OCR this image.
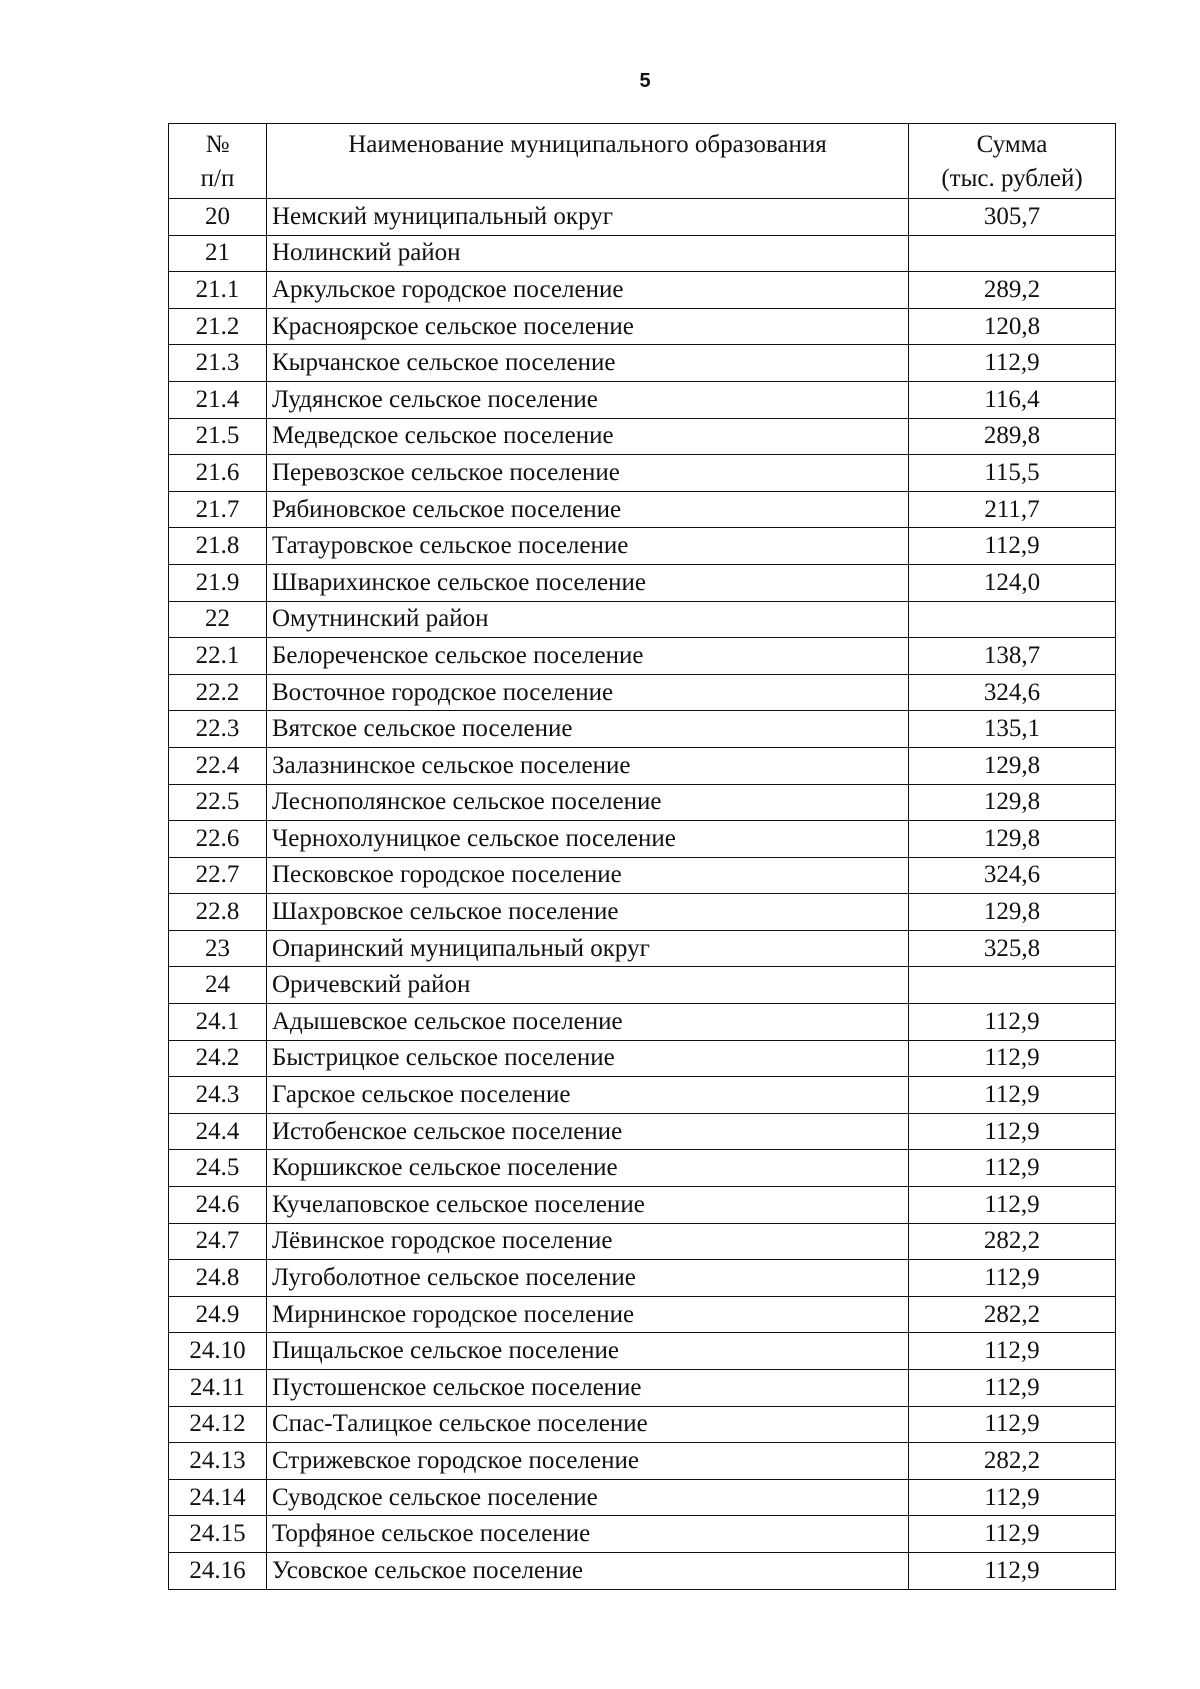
5
№
п/п	Наименование муниципального образования	Сумма
(тыс. рублей)

20	Немский муниципальный округ	305,7
21	Нолинский район	
21.1	Аркульское городское поселение	289,2
21.2	Красноярское сельское поселение	120,8
21.3	Кырчанское сельское поселение	112,9
21.4	Лудянское сельское поселение	116,4
21.5	Медведское сельское поселение	289,8
21.6	Перевозское сельское поселение	115,5
21.7	Рябиновское сельское поселение	211,7
21.8	Татауровское сельское поселение	112,9
21.9	Шварихинское сельское поселение	124,0
22	Омутнинский район	
22.1	Белореченское сельское поселение	138,7
22.2	Восточное городское поселение	324,6
22.3	Вятское сельское поселение	135,1
22.4	Залазнинское сельское поселение	129,8
22.5	Леснополянское сельское поселение	129,8
22.6	Чернохолуницкое сельское поселение	129,8
22.7	Песковское городское поселение	324,6
22.8	Шахровское сельское поселение	129,8
23	Опаринский муниципальный округ	325,8
24	Оричевский район	
24.1	Адышевское сельское поселение	112,9
24.2	Быстрицкое сельское поселение	112,9
24.3	Гарское сельское поселение	112,9
24.4	Истобенское сельское поселение	112,9
24.5	Коршикское сельское поселение	112,9
24.6	Кучелаповское сельское поселение	112,9
24.7	Лёвинское городское поселение	282,2
24.8	Лугоболотное сельское поселение	112,9
24.9	Мирнинское городское поселение	282,2
24.10	Пищальское сельское поселение	112,9
24.11	Пустошенское сельское поселение	112,9
24.12	Спас-Талицкое сельское поселение	112,9
24.13	Стрижевское городское поселение	282,2
24.14	Суводское сельское поселение	112,9
24.15	Торфяное сельское поселение	112,9
24.16	Усовское сельское поселение	112,9
